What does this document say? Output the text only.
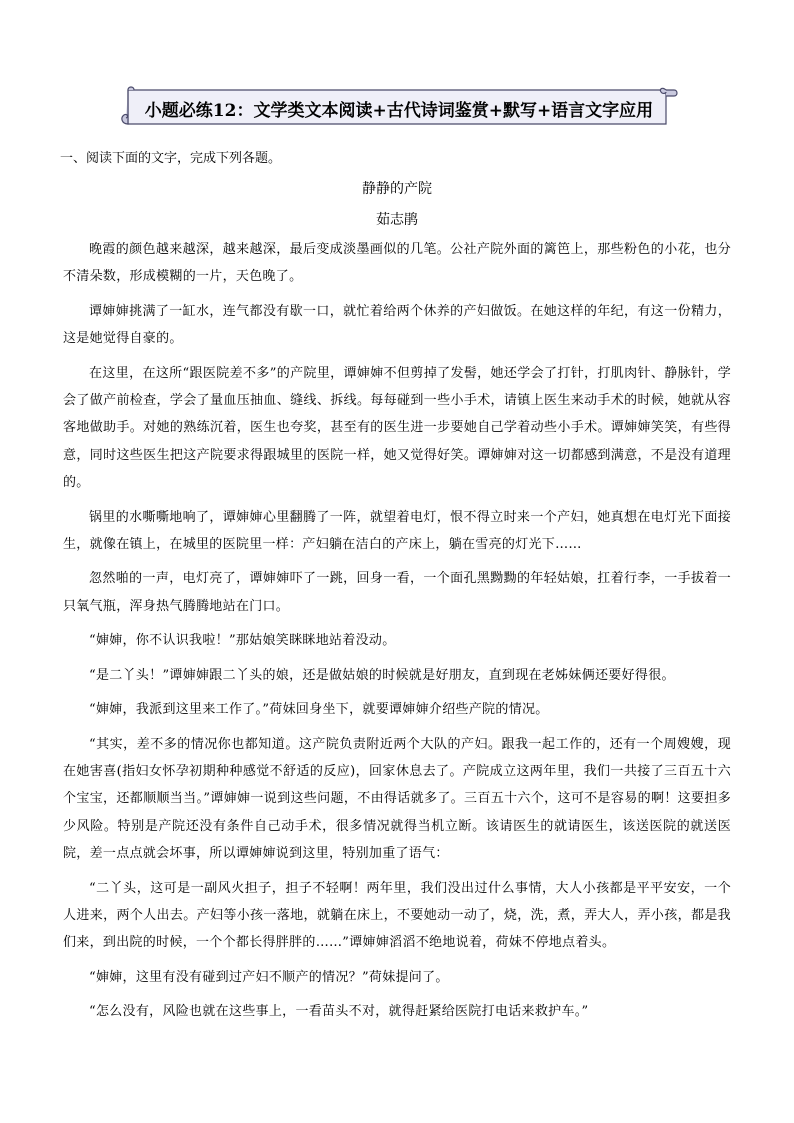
小题必练12：文学类文本阅读+古代诗词鉴赏+默写+语言文字应用
一、阅读下面的文字，完成下列各题。
静静的产院
茹志鹃

晚霞的颜色越来越深，越来越深，最后变成淡墨画似的几笔。公社产院外面的篱笆上，那些粉色的小花，也分不清朵数，形成模糊的一片，天色晚了。

谭婶婶挑满了一缸水，连气都没有歇一口，就忙着给两个休养的产妇做饭。在她这样的年纪，有这一份精力，这是她觉得自豪的。

在这里，在这所“跟医院差不多”的产院里，谭婶婶不但剪掉了发髻，她还学会了打针，打肌肉针、静脉针，学会了做产前检查，学会了量血压抽血、缝线、拆线。每每碰到一些小手术，请镇上医生来动手术的时候，她就从容客地做助手。对她的熟练沉着，医生也夸奖，甚至有的医生进一步要她自己学着动些小手术。谭婶婶笑笑，有些得意，同时这些医生把这产院要求得跟城里的医院一样，她又觉得好笑。谭婶婶对这一切都感到满意，不是没有道理的。

锅里的水嘶嘶地响了，谭婶婶心里翻腾了一阵，就望着电灯，恨不得立时来一个产妇，她真想在电灯光下面接生，就像在镇上，在城里的医院里一样：产妇躺在洁白的产床上，躺在雪亮的灯光下……

忽然啪的一声，电灯亮了，谭婶婶吓了一跳，回身一看，一个面孔黑黝黝的年轻姑娘，扛着行李，一手拔着一只氧气瓶，浑身热气腾腾地站在门口。

“婶婶，你不认识我啦！”那姑娘笑眯眯地站着没动。

“是二丫头！”谭婶婶跟二丫头的娘，还是做姑娘的时候就是好朋友，直到现在老姊妹俩还要好得很。

“婶婶，我派到这里来工作了。”荷妹回身坐下，就要谭婶婶介绍些产院的情况。

“其实，差不多的情况你也都知道。这产院负责附近两个大队的产妇。跟我一起工作的，还有一个周嫂嫂，现在她害喜(指妇女怀孕初期种种感觉不舒适的反应)，回家休息去了。产院成立这两年里，我们一共接了三百五十六个宝宝，还都顺顺当当。”谭婶婶一说到这些问题，不由得话就多了。三百五十六个，这可不是容易的啊！这要担多少风险。特别是产院还没有条件自己动手术，很多情况就得当机立断。该请医生的就请医生，该送医院的就送医院，差一点点就会坏事，所以谭婶婶说到这里，特别加重了语气：

“二丫头，这可是一副风火担子，担子不轻啊！两年里，我们没出过什么事情，大人小孩都是平平安安，一个人进来，两个人出去。产妇等小孩一落地，就躺在床上，不要她动一动了，烧，洗，煮，弄大人，弄小孩，都是我们来，到出院的时候，一个个都长得胖胖的……”谭婶婶滔滔不绝地说着，荷妹不停地点着头。

“婶婶，这里有没有碰到过产妇不顺产的情况？”荷妹提问了。

“怎么没有，风险也就在这些事上，一看苗头不对，就得赶紧给医院打电话来救护车。”
